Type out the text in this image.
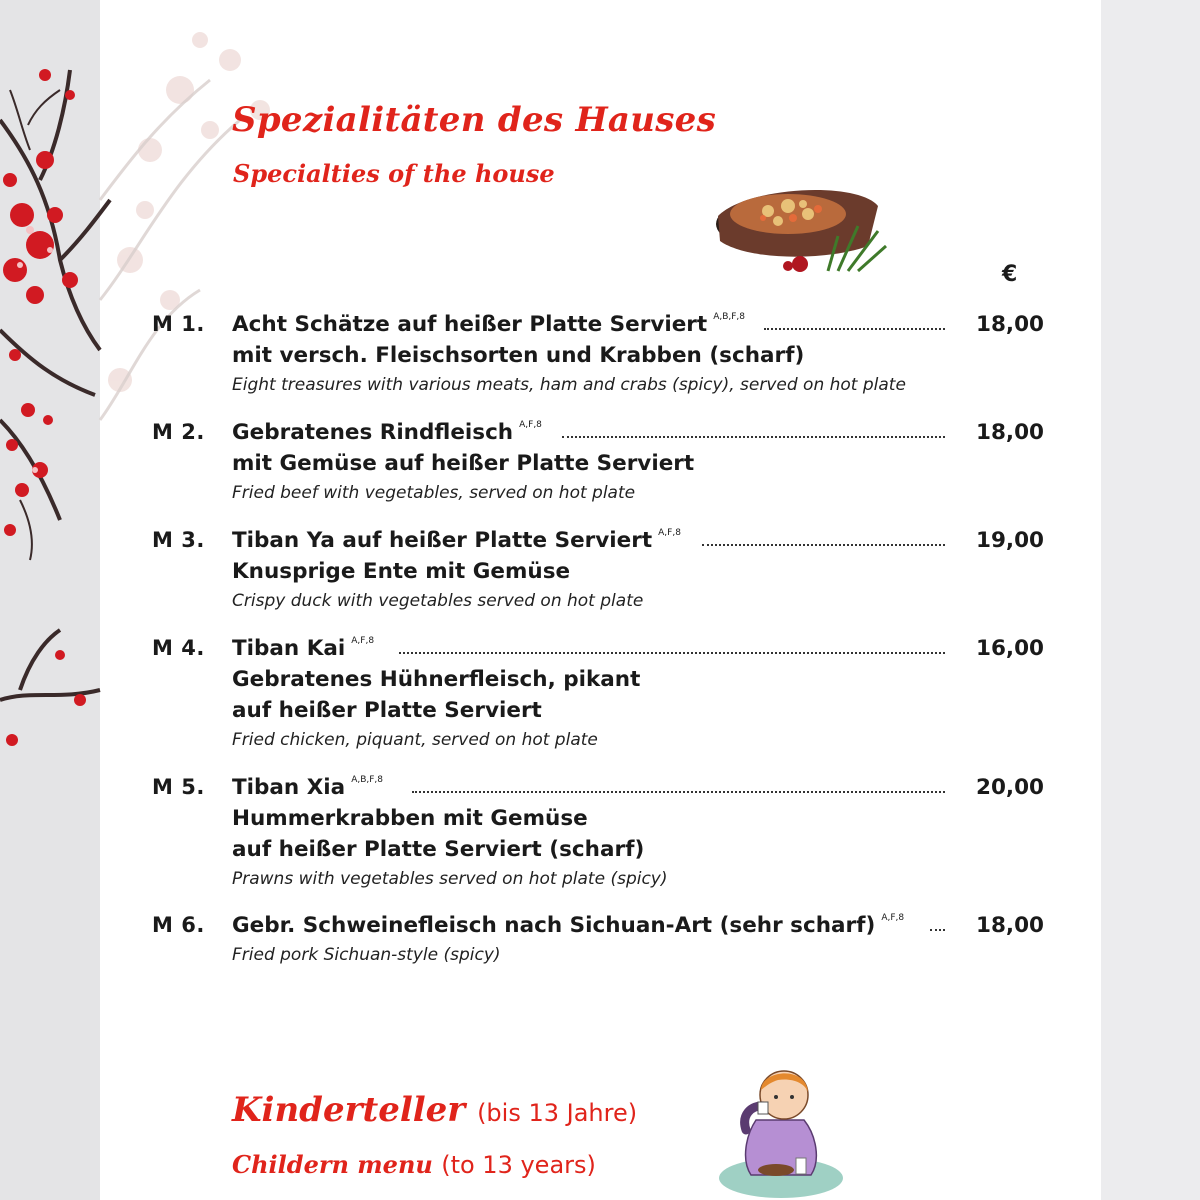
Spezialitäten des Hauses
Specialties of the house
€
M 1. Acht Schätze auf heißer Platte Serviert $^{A,B,F,8}$	18,00
mit versch. Fleischsorten und Krabben (scharf)
Eight treasures with various meats, ham and crabs (spicy), served on hot plate
M 2. Gebratenes Rindfleisch $^{A,F,8}$	18,00
mit Gemüse auf heißer Platte Serviert
Fried beef with vegetables, served on hot plate
M 3. Tiban Ya auf heißer Platte Serviert $^{A,F,8}$	19,00
Knusprige Ente mit Gemüse
Crispy duck with vegetables served on hot plate
M 4. Tiban Kai $^{A,F,8}$	16,00
Gebratenes Hühnerfleisch, pikant
auf heißer Platte Serviert
Fried chicken, piquant, served on hot plate
M 5. Tiban Xia $^{A,B,F,8}$	20,00
Hummerkrabben mit Gemüse
auf heißer Platte Serviert (scharf)
Prawns with vegetables served on hot plate (spicy)
M 6. Gebr. Schweinefleisch nach Sichuan-Art (sehr scharf) $^{A,F,8}$	18,00
Fried pork Sichuan-style (spicy)
Kinderteller (bis 13 Jahre)
Childern menu (to 13 years)
